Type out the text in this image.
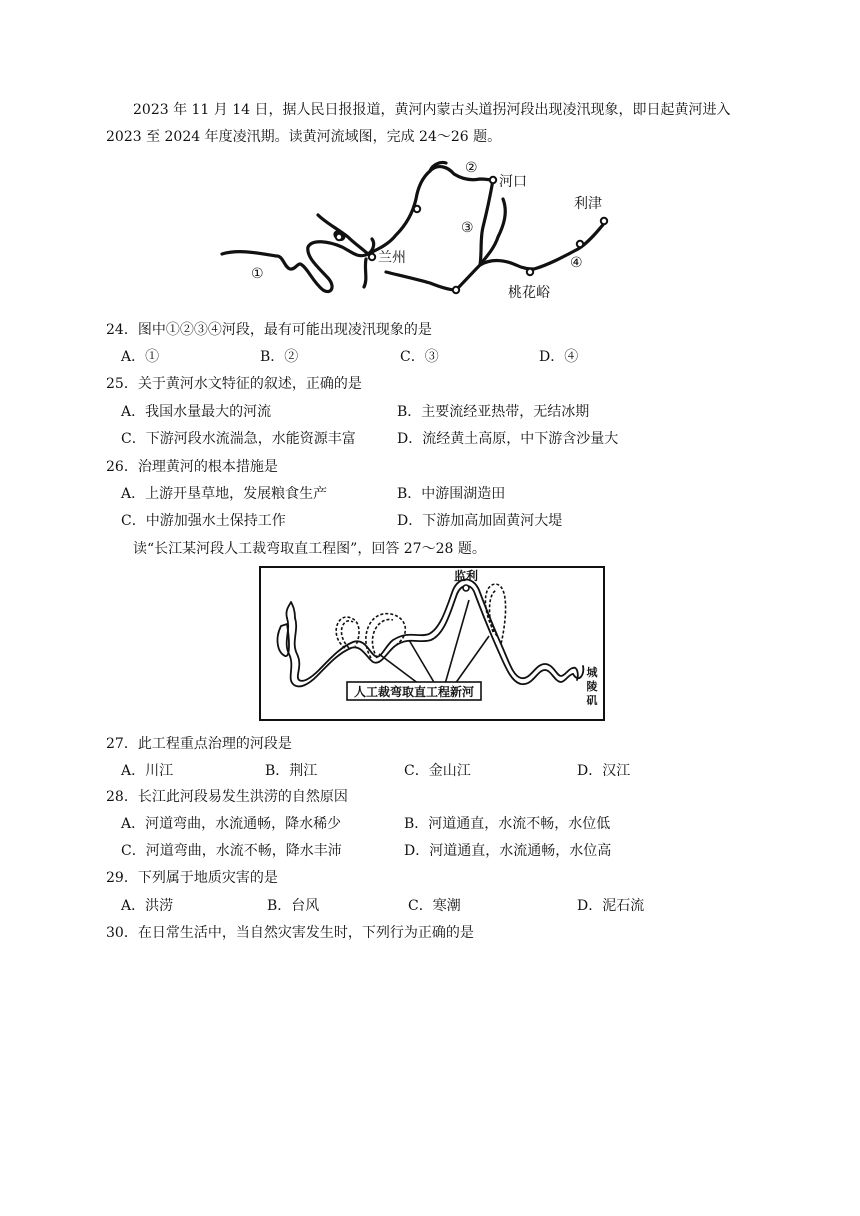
2023 年 11 月 14 日，据人民日报报道，黄河内蒙古头道拐河段出现凌汛现象，即日起黄河进入
2023 至 2024 年度凌汛期。读黄河流域图，完成 24～26 题。
①
②
③
④
河口
利津
兰州
桃花峪
24．图中①②③④河段，最有可能出现凌汛现象的是
A．①	B．②	C．③	D．④
25．关于黄河水文特征的叙述，正确的是
A．我国水量最大的河流	B．主要流经亚热带，无结冰期
C．下游河段水流湍急，水能资源丰富	D．流经黄土高原，中下游含沙量大
26．治理黄河的根本措施是
A．上游开垦草地，发展粮食生产	B．中游围湖造田
C．中游加强水土保持工作	D．下游加高加固黄河大堤
读“长江某河段人工裁弯取直工程图”，回答 27～28 题。
人工裁弯取直工程新河
监利
城
陵
矶
27．此工程重点治理的河段是
A．川江	B．荆江	C．金山江	D．汉江
28．长江此河段易发生洪涝的自然原因
A．河道弯曲，水流通畅，降水稀少	B．河道通直，水流不畅，水位低
C．河道弯曲，水流不畅，降水丰沛	D．河道通直，水流通畅，水位高
29．下列属于地质灾害的是
A．洪涝	B．台风	C．寒潮	D．泥石流
30．在日常生活中，当自然灾害发生时，下列行为正确的是
